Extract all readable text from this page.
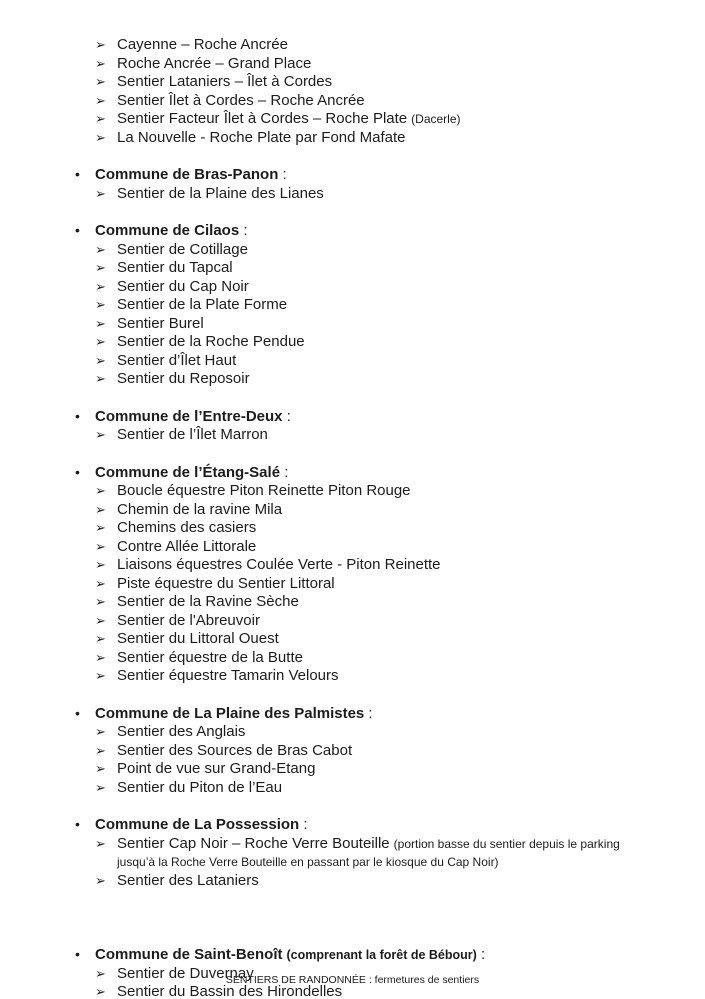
➢ Cayenne – Roche Ancrée
➢ Roche Ancrée – Grand Place
➢ Sentier Lataniers – Îlet à Cordes
➢ Sentier Îlet à Cordes – Roche Ancrée
➢ Sentier Facteur Îlet à Cordes – Roche Plate (Dacerle)
➢ La Nouvelle - Roche Plate par Fond Mafate
•	Commune de Bras-Panon :
➢ Sentier de la Plaine des Lianes
•	Commune de Cilaos :
➢ Sentier de Cotillage
➢ Sentier du Tapcal
➢ Sentier du Cap Noir
➢ Sentier de la Plate Forme
➢ Sentier Burel
➢ Sentier de la Roche Pendue
➢ Sentier d’Îlet Haut
➢ Sentier du Reposoir
•	Commune de l’Entre-Deux :
➢ Sentier de l’Îlet Marron
•	Commune de l’Étang-Salé :
➢ Boucle équestre Piton Reinette Piton Rouge
➢ Chemin de la ravine Mila
➢ Chemins des casiers
➢ Contre Allée Littorale
➢ Liaisons équestres Coulée Verte - Piton Reinette
➢ Piste équestre du Sentier Littoral
➢ Sentier de la Ravine Sèche
➢ Sentier de l'Abreuvoir
➢ Sentier du Littoral Ouest
➢ Sentier équestre de la Butte
➢ Sentier équestre Tamarin Velours
•	Commune de La Plaine des Palmistes :
➢ Sentier des Anglais
➢ Sentier des Sources de Bras Cabot
➢ Point de vue sur Grand-Etang
➢ Sentier du Piton de l’Eau
•	Commune de La Possession :
➢ Sentier Cap Noir – Roche Verre Bouteille (portion basse du sentier depuis le parking jusqu’à la Roche Verre Bouteille en passant par le kiosque du Cap Noir)
➢ Sentier des Lataniers
•	Commune de Saint-Benoît (comprenant la forêt de Bébour) :
➢ Sentier de Duvernay
➢ Sentier du Bassin des Hirondelles
SENTIERS DE RANDONNÉE : fermetures de sentiers
